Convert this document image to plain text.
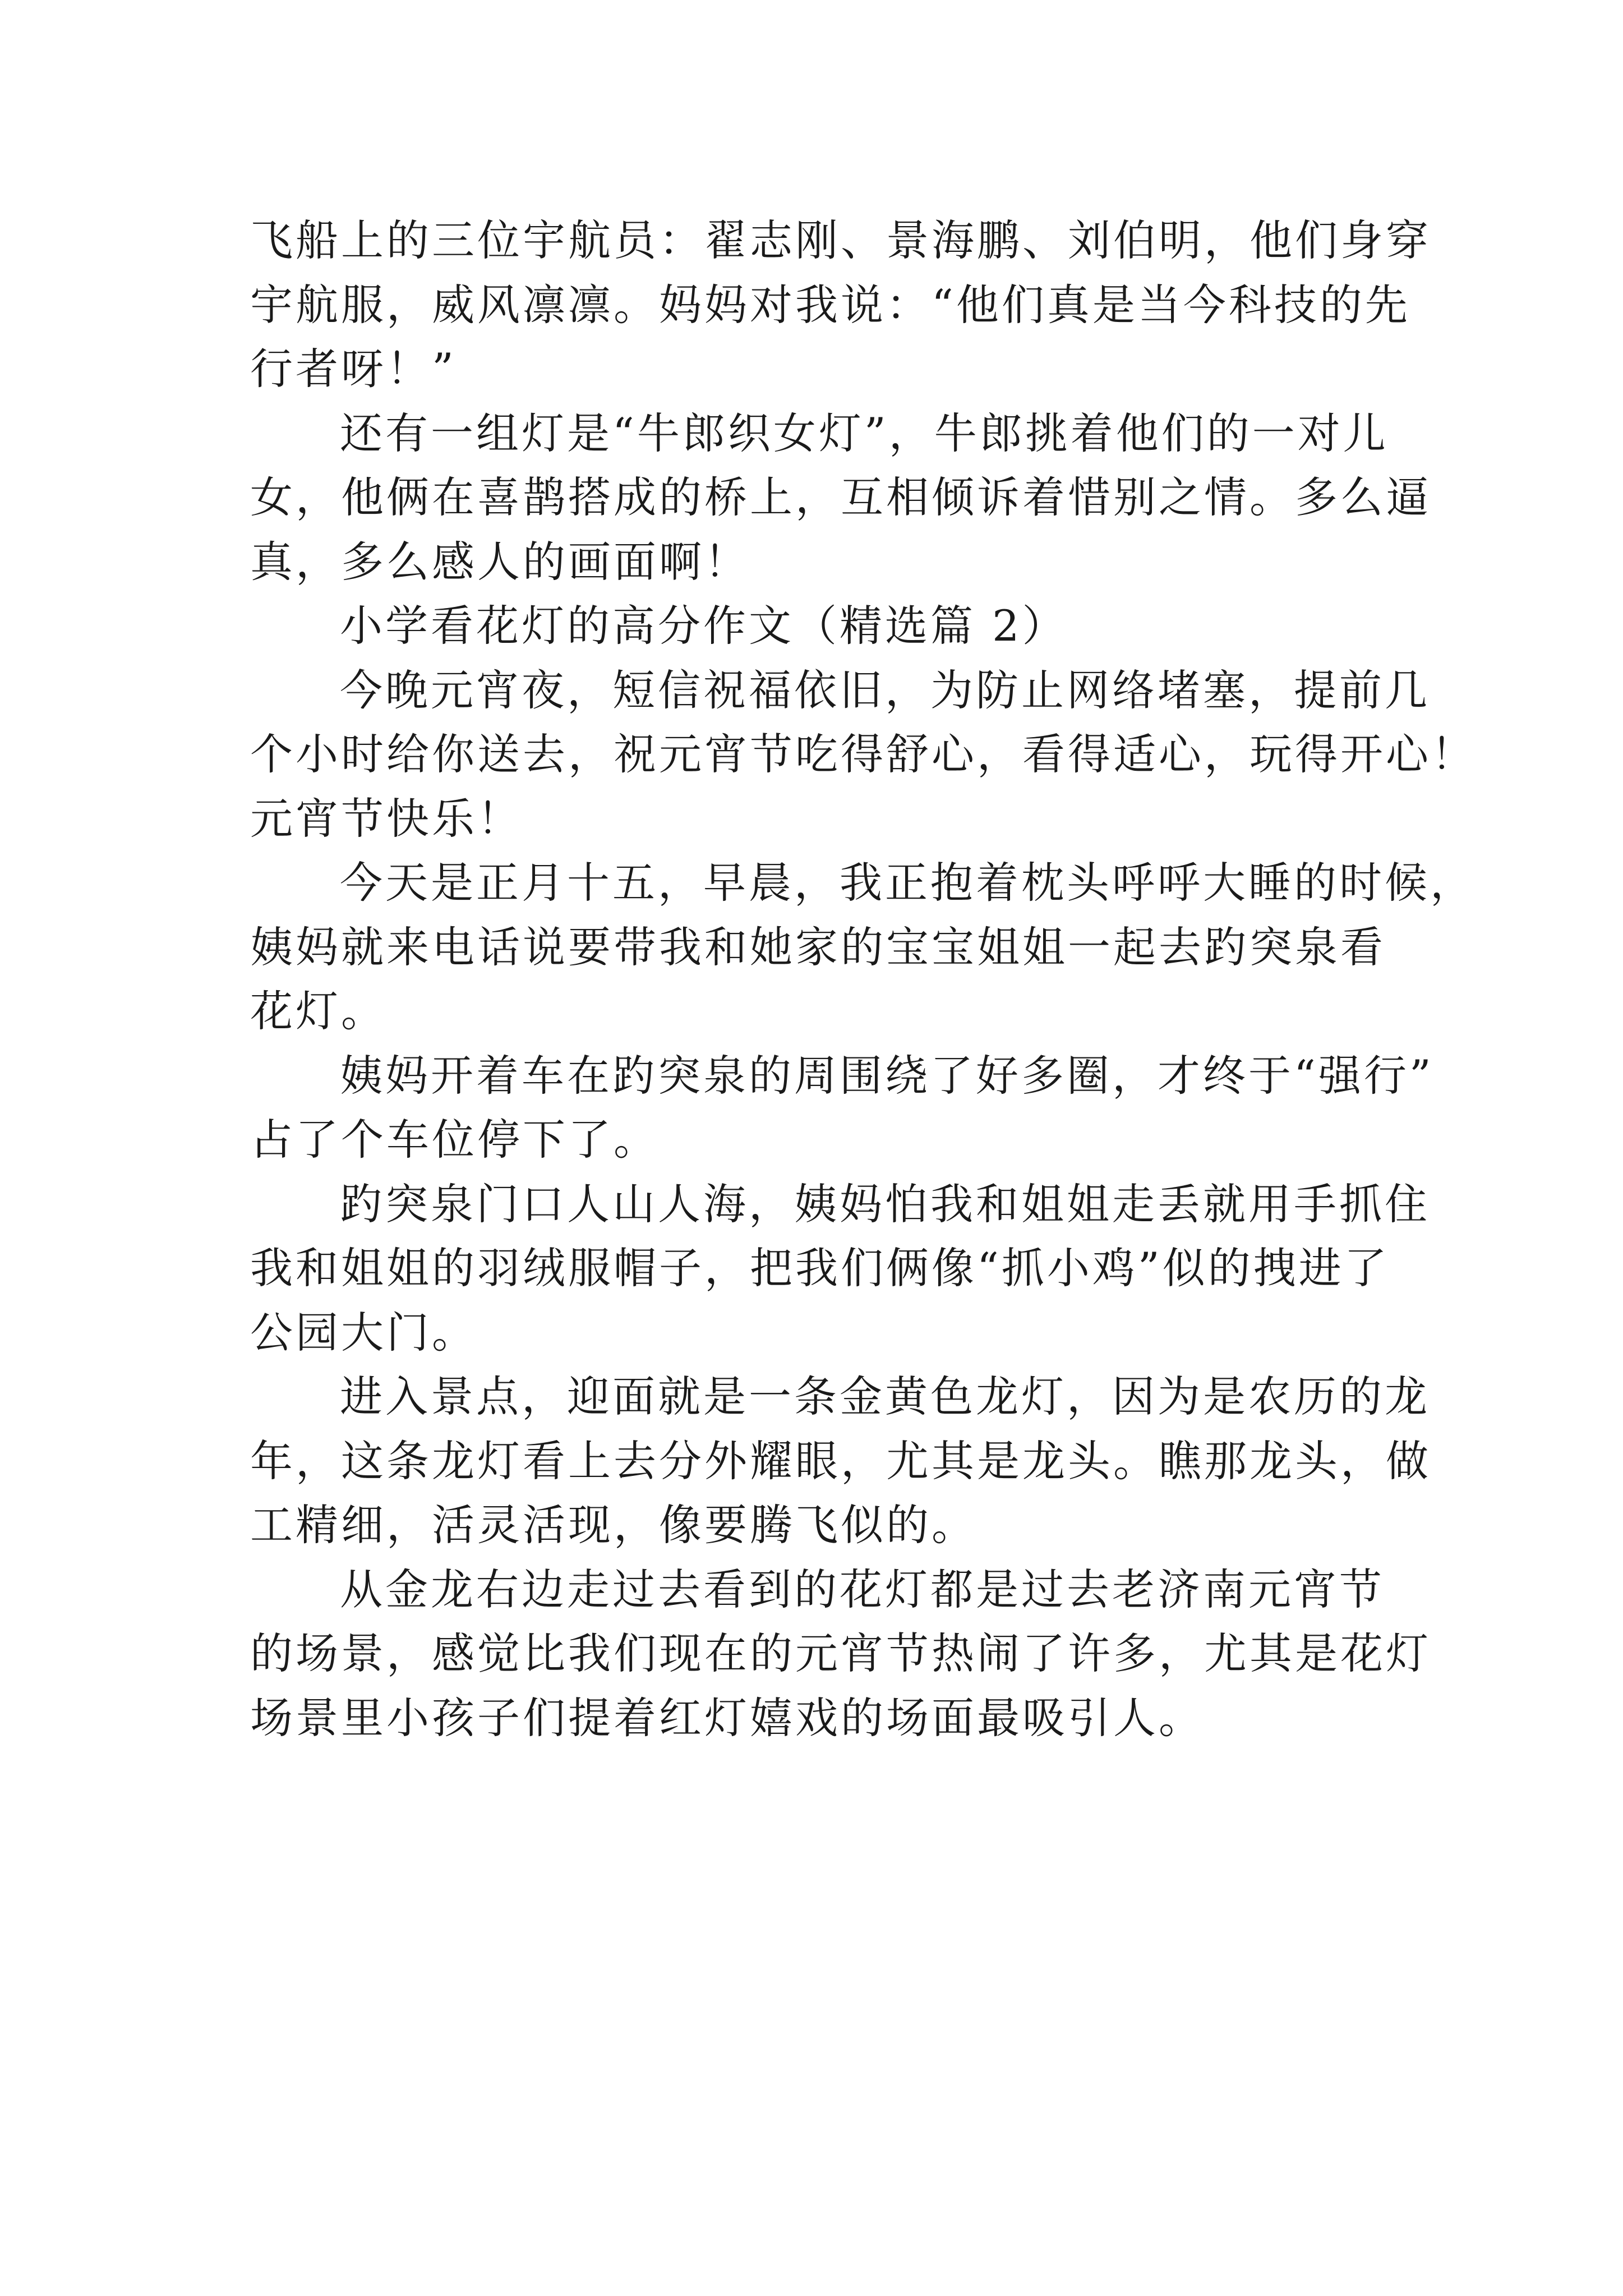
飞船上的三位宇航员：翟志刚、景海鹏、刘伯明，他们身穿
宇航服，威风凛凛。妈妈对我说：“他们真是当今科技的先
行者呀！”
还有一组灯是“牛郎织女灯”，牛郎挑着他们的一对儿
女，他俩在喜鹊搭成的桥上，互相倾诉着惜别之情。多么逼
真，多么感人的画面啊！
小学看花灯的高分作文（精选篇 2）
今晚元宵夜，短信祝福依旧，为防止网络堵塞，提前几
个小时给你送去，祝元宵节吃得舒心，看得适心，玩得开心！
元宵节快乐！
今天是正月十五，早晨，我正抱着枕头呼呼大睡的时候，
姨妈就来电话说要带我和她家的宝宝姐姐一起去趵突泉看
花灯。
姨妈开着车在趵突泉的周围绕了好多圈，才终于“强行”
占了个车位停下了。
趵突泉门口人山人海，姨妈怕我和姐姐走丢就用手抓住
我和姐姐的羽绒服帽子，把我们俩像“抓小鸡”似的拽进了
公园大门。
进入景点，迎面就是一条金黄色龙灯，因为是农历的龙
年，这条龙灯看上去分外耀眼，尤其是龙头。瞧那龙头，做
工精细，活灵活现，像要腾飞似的。
从金龙右边走过去看到的花灯都是过去老济南元宵节
的场景，感觉比我们现在的元宵节热闹了许多，尤其是花灯
场景里小孩子们提着红灯嬉戏的场面最吸引人。
